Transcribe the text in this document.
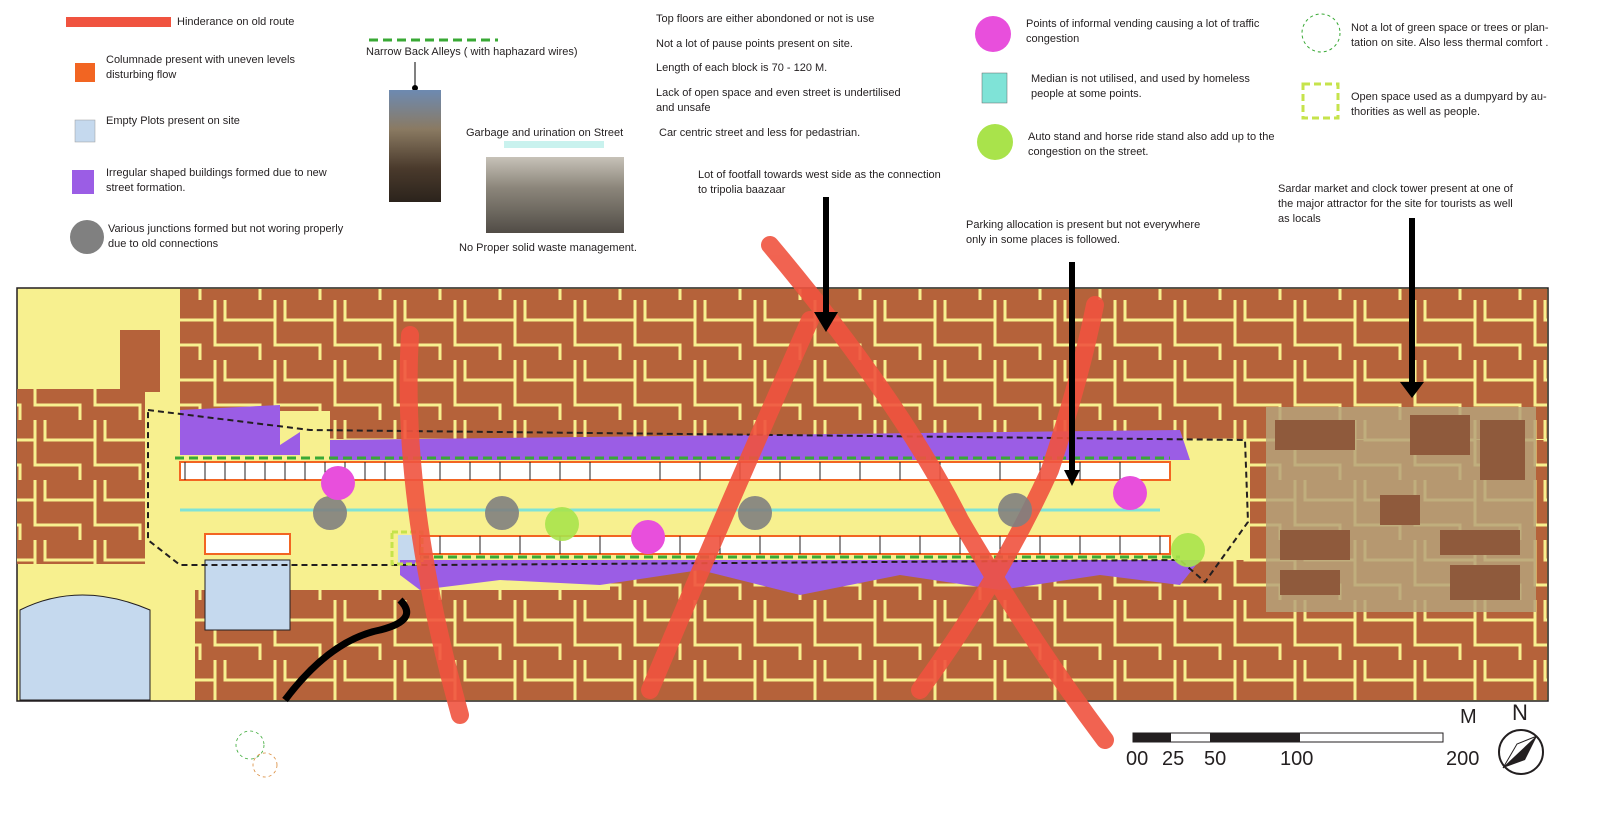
Hinderance on old route
Columnade present with uneven levels
disturbing flow
Empty Plots present on site
Irregular shaped buildings formed due to new
street formation.
Various junctions formed but not woring properly
due to old connections
Narrow Back Alleys ( with haphazard wires)
Garbage and urination on Street
No Proper solid waste management.
Top floors are either abondoned or not is use
Not a lot of pause points present on site.
Length of each block is 70 - 120 M.
Lack of open space and even street is undertilised
and unsafe
Car centric street and less for pedastrian.
Lot of footfall towards west side as the connection
to tripolia baazaar
Parking allocation is present but not everywhere
only in some places is followed.
Sardar market and clock tower present at one of
the major attractor for the site for tourists as well
as locals
Points of informal vending causing a lot of traffic
congestion
Median is not utilised, and used by homeless
people at some points.
Auto stand and horse ride stand also add up to the
congestion on the street.
Not a lot of green space or trees or plan-
tation on site. Also less thermal comfort .
Open space used as a dumpyard by au-
thorities as well as people.
M
00 25 50	100	200
N
